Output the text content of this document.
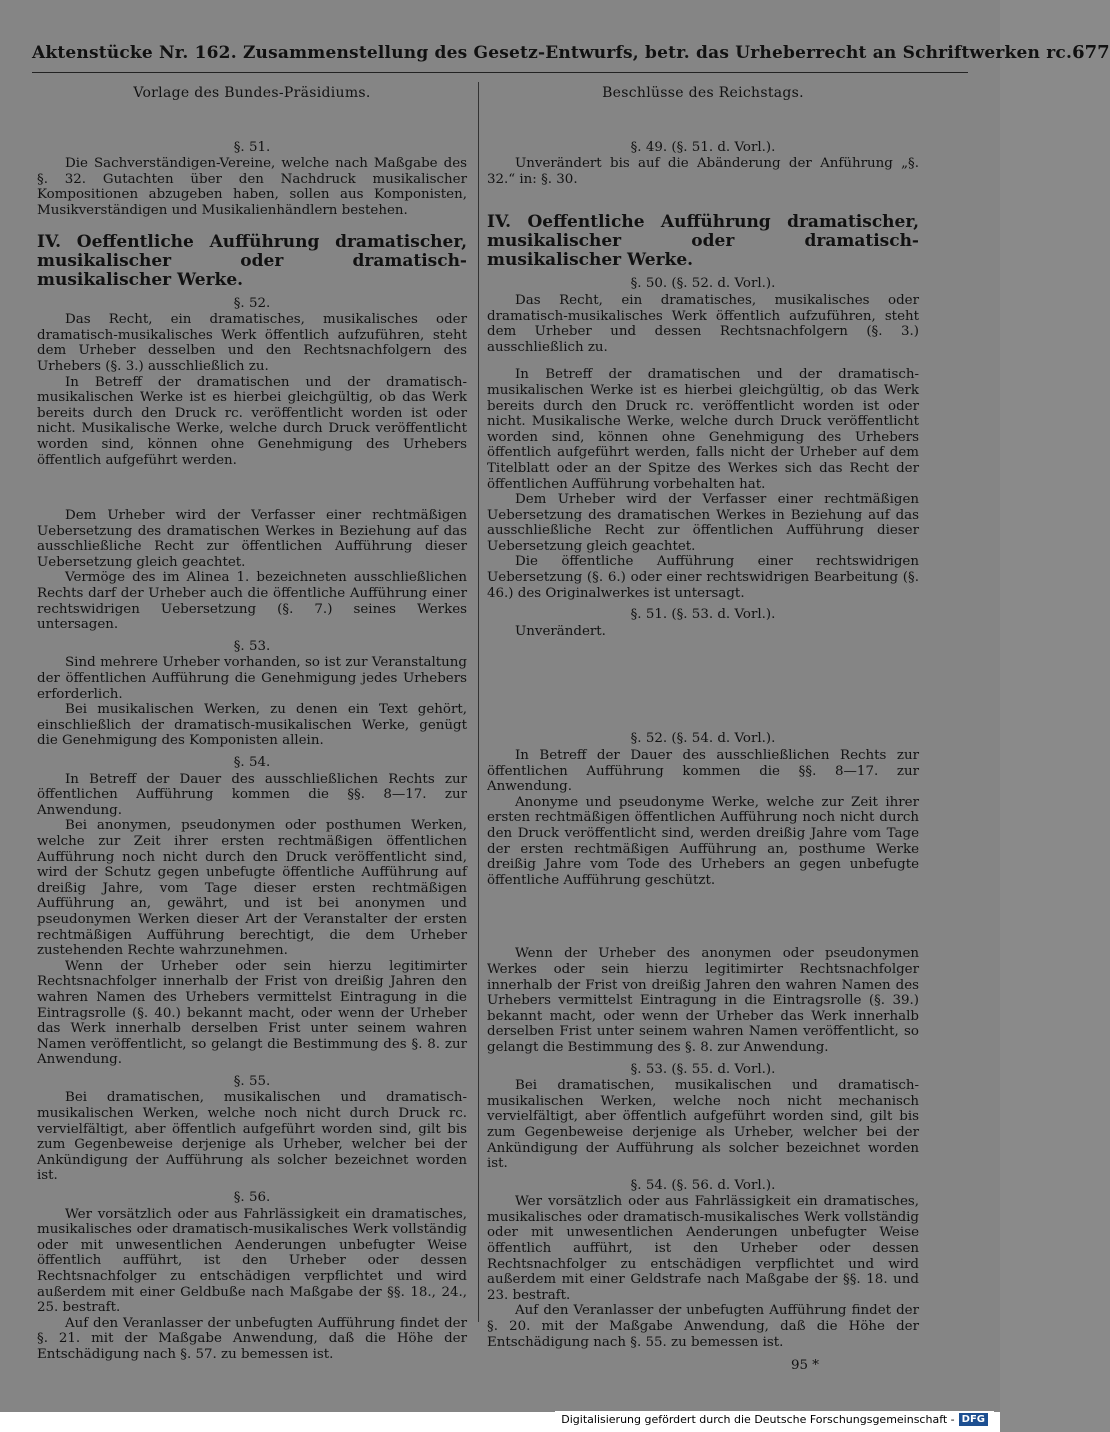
Aktenstücke Nr. 162. Zusammenstellung des Gesetz-Entwurfs, betr. das Urheberrecht an Schriftwerken rc. 677
Vorlage des Bundes-Präsidiums.
§. 51.

Die Sachverständigen-Vereine, welche nach Maßgabe des §. 32. Gutachten über den Nachdruck musikalischer Kompositionen abzugeben haben, sollen aus Komponisten, Musikverständigen und Musikalienhändlern bestehen.

IV. Oeffentliche Aufführung dramatischer, musikalischer oder dramatisch-musikalischer Werke.
§. 52.

Das Recht, ein dramatisches, musikalisches oder dramatisch-musikalisches Werk öffentlich aufzuführen, steht dem Urheber desselben und den Rechtsnachfolgern des Urhebers (§. 3.) ausschließlich zu.

In Betreff der dramatischen und der dramatisch-musikalischen Werke ist es hierbei gleichgültig, ob das Werk bereits durch den Druck rc. veröffentlicht worden ist oder nicht. Musikalische Werke, welche durch Druck veröffentlicht worden sind, können ohne Genehmigung des Urhebers öffentlich aufgeführt werden.

Dem Urheber wird der Verfasser einer rechtmäßigen Uebersetzung des dramatischen Werkes in Beziehung auf das ausschließliche Recht zur öffentlichen Aufführung dieser Uebersetzung gleich geachtet.

Vermöge des im Alinea 1. bezeichneten ausschließlichen Rechts darf der Urheber auch die öffentliche Aufführung einer rechtswidrigen Uebersetzung (§. 7.) seines Werkes untersagen.

§. 53.

Sind mehrere Urheber vorhanden, so ist zur Veranstaltung der öffentlichen Aufführung die Genehmigung jedes Urhebers erforderlich.

Bei musikalischen Werken, zu denen ein Text gehört, einschließlich der dramatisch-musikalischen Werke, genügt die Genehmigung des Komponisten allein.

§. 54.

In Betreff der Dauer des ausschließlichen Rechts zur öffentlichen Aufführung kommen die §§. 8—17. zur Anwendung.

Bei anonymen, pseudonymen oder posthumen Werken, welche zur Zeit ihrer ersten rechtmäßigen öffentlichen Aufführung noch nicht durch den Druck veröffentlicht sind, wird der Schutz gegen unbefugte öffentliche Aufführung auf dreißig Jahre, vom Tage dieser ersten rechtmäßigen Aufführung an, gewährt, und ist bei anonymen und pseudonymen Werken dieser Art der Veranstalter der ersten rechtmäßigen Aufführung berechtigt, die dem Urheber zustehenden Rechte wahrzunehmen.

Wenn der Urheber oder sein hierzu legitimirter Rechtsnachfolger innerhalb der Frist von dreißig Jahren den wahren Namen des Urhebers vermittelst Eintragung in die Eintragsrolle (§. 40.) bekannt macht, oder wenn der Urheber das Werk innerhalb derselben Frist unter seinem wahren Namen veröffentlicht, so gelangt die Bestimmung des §. 8. zur Anwendung.

§. 55.

Bei dramatischen, musikalischen und dramatisch-musikalischen Werken, welche noch nicht durch Druck rc. vervielfältigt, aber öffentlich aufgeführt worden sind, gilt bis zum Gegenbeweise derjenige als Urheber, welcher bei der Ankündigung der Aufführung als solcher bezeichnet worden ist.

§. 56.

Wer vorsätzlich oder aus Fahrlässigkeit ein dramatisches, musikalisches oder dramatisch-musikalisches Werk vollständig oder mit unwesentlichen Aenderungen unbefugter Weise öffentlich aufführt, ist den Urheber oder dessen Rechtsnachfolger zu entschädigen verpflichtet und wird außerdem mit einer Geldbuße nach Maßgabe der §§. 18., 24., 25. bestraft.

Auf den Veranlasser der unbefugten Aufführung findet der §. 21. mit der Maßgabe Anwendung, daß die Höhe der Entschädigung nach §. 57. zu bemessen ist.

Beschlüsse des Reichstags.
§. 49. (§. 51. d. Vorl.).

Unverändert bis auf die Abänderung der Anführung „§. 32.“ in: §. 30.

IV. Oeffentliche Aufführung dramatischer, musikalischer oder dramatisch-musikalischer Werke.
§. 50. (§. 52. d. Vorl.).

Das Recht, ein dramatisches, musikalisches oder dramatisch-musikalisches Werk öffentlich aufzuführen, steht dem Urheber und dessen Rechtsnachfolgern (§. 3.) ausschließlich zu.

In Betreff der dramatischen und der dramatisch-musikalischen Werke ist es hierbei gleichgültig, ob das Werk bereits durch den Druck rc. veröffentlicht worden ist oder nicht. Musikalische Werke, welche durch Druck veröffentlicht worden sind, können ohne Genehmigung des Urhebers öffentlich aufgeführt werden, falls nicht der Urheber auf dem Titelblatt oder an der Spitze des Werkes sich das Recht der öffentlichen Aufführung vorbehalten hat.

Dem Urheber wird der Verfasser einer rechtmäßigen Uebersetzung des dramatischen Werkes in Beziehung auf das ausschließliche Recht zur öffentlichen Aufführung dieser Uebersetzung gleich geachtet.

Die öffentliche Aufführung einer rechtswidrigen Uebersetzung (§. 6.) oder einer rechtswidrigen Bearbeitung (§. 46.) des Originalwerkes ist untersagt.

§. 51. (§. 53. d. Vorl.).

Unverändert.

§. 52. (§. 54. d. Vorl.).

In Betreff der Dauer des ausschließlichen Rechts zur öffentlichen Aufführung kommen die §§. 8—17. zur Anwendung.

Anonyme und pseudonyme Werke, welche zur Zeit ihrer ersten rechtmäßigen öffentlichen Aufführung noch nicht durch den Druck veröffentlicht sind, werden dreißig Jahre vom Tage der ersten rechtmäßigen Aufführung an, posthume Werke dreißig Jahre vom Tode des Urhebers an gegen unbefugte öffentliche Aufführung geschützt.

Wenn der Urheber des anonymen oder pseudonymen Werkes oder sein hierzu legitimirter Rechtsnachfolger innerhalb der Frist von dreißig Jahren den wahren Namen des Urhebers vermittelst Eintragung in die Eintragsrolle (§. 39.) bekannt macht, oder wenn der Urheber das Werk innerhalb derselben Frist unter seinem wahren Namen veröffentlicht, so gelangt die Bestimmung des §. 8. zur Anwendung.

§. 53. (§. 55. d. Vorl.).

Bei dramatischen, musikalischen und dramatisch-musikalischen Werken, welche noch nicht mechanisch vervielfältigt, aber öffentlich aufgeführt worden sind, gilt bis zum Gegenbeweise derjenige als Urheber, welcher bei der Ankündigung der Aufführung als solcher bezeichnet worden ist.

§. 54. (§. 56. d. Vorl.).

Wer vorsätzlich oder aus Fahrlässigkeit ein dramatisches, musikalisches oder dramatisch-musikalisches Werk vollständig oder mit unwesentlichen Aenderungen unbefugter Weise öffentlich aufführt, ist den Urheber oder dessen Rechtsnachfolger zu entschädigen verpflichtet und wird außerdem mit einer Geldstrafe nach Maßgabe der §§. 18. und 23. bestraft.

Auf den Veranlasser der unbefugten Aufführung findet der §. 20. mit der Maßgabe Anwendung, daß die Höhe der Entschädigung nach §. 55. zu bemessen ist.

95 *
Digitalisierung gefördert durch die Deutsche Forschungsgemeinschaft - DFG
